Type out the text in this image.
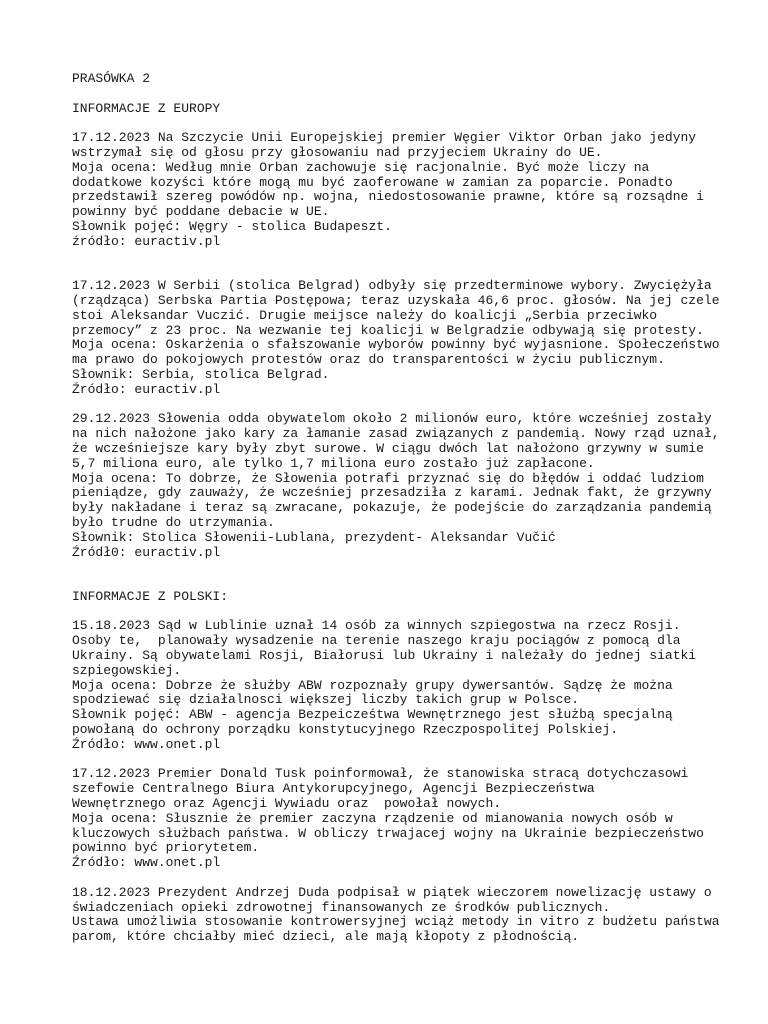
PRASÓWKA 2
INFORMACJE Z EUROPY
17.12.2023 Na Szczycie Unii Europejskiej premier Węgier Viktor Orban jako jedyny
wstrzymał się od głosu przy głosowaniu nad przyjeciem Ukrainy do UE.
Moja ocena: Według mnie Orban zachowuje się racjonalnie. Być może liczy na
dodatkowe kozyści które mogą mu być zaoferowane w zamian za poparcie. Ponadto
przedstawił szereg powódów np. wojna, niedostosowanie prawne, które są rozsądne i
powinny być poddane debacie w UE.
Słownik pojęć: Węgry - stolica Budapeszt.
źródło: euractiv.pl
17.12.2023 W Serbii (stolica Belgrad) odbyły się przedterminowe wybory. Zwyciężyła
(rządząca) Serbska Partia Postępowa; teraz uzyskała 46,6 proc. głosów. Na jej czele
stoi Aleksandar Vuczić. Drugie meijsce należy do koalicji „Serbia przeciwko
przemocy” z 23 proc. Na wezwanie tej koalicji w Belgradzie odbywają się protesty.
Moja ocena: Oskarżenia o sfałszowanie wyborów powinny być wyjasnione. Społeczeństwo
ma prawo do pokojowych protestów oraz do transparentości w życiu publicznym.
Słownik: Serbia, stolica Belgrad.
Źródło: euractiv.pl
29.12.2023 Słowenia odda obywatelom około 2 milionów euro, które wcześniej zostały
na nich nałożone jako kary za łamanie zasad związanych z pandemią. Nowy rząd uznał,
że wcześniejsze kary były zbyt surowe. W ciągu dwóch lat nałożono grzywny w sumie
5,7 miliona euro, ale tylko 1,7 miliona euro zostało już zapłacone.
Moja ocena: To dobrze, że Słowenia potrafi przyznać się do błędów i oddać ludziom
pieniądze, gdy zauważy, że wcześniej przesadziła z karami. Jednak fakt, że grzywny
były nakładane i teraz są zwracane, pokazuje, że podejście do zarządzania pandemią
było trudne do utrzymania.
Słownik: Stolica Słowenii-Lublana, prezydent- Aleksandar Vučić
Źródł0: euractiv.pl
INFORMACJE Z POLSKI:
15.18.2023 Sąd w Lublinie uznał 14 osób za winnych szpiegostwa na rzecz Rosji.
Osoby te,  planowały wysadzenie na terenie naszego kraju pociągów z pomocą dla
Ukrainy. Są obywatelami Rosji, Białorusi lub Ukrainy i należały do jednej siatki
szpiegowskiej.
Moja ocena: Dobrze że służby ABW rozpoznały grupy dywersantów. Sądzę że można
spodziewać się działalnosci większej liczby takich grup w Polsce.
Słownik pojęć: ABW - agencja Bezpeicześtwa Wewnętrznego jest służbą specjalną
powołaną do ochrony porządku konstytucyjnego Rzeczpospolitej Polskiej.
Źródło: www.onet.pl
17.12.2023 Premier Donald Tusk poinformował, że stanowiska stracą dotychczasowi
szefowie Centralnego Biura Antykorupcyjnego, Agencji Bezpieczeństwa
Wewnętrznego oraz Agencji Wywiadu oraz  powołał nowych.
Moja ocena: Słusznie że premier zaczyna rządzenie od mianowania nowych osób w
kluczowych służbach państwa. W obliczy trwajacej wojny na Ukrainie bezpieczeństwo
powinno być priorytetem.
Źródło: www.onet.pl
18.12.2023 Prezydent Andrzej Duda podpisał w piątek wieczorem nowelizację ustawy o
świadczeniach opieki zdrowotnej finansowanych ze środków publicznych.
Ustawa umożliwia stosowanie kontrowersyjnej wciąż metody in vitro z budżetu państwa
parom, które chciałby mieć dzieci, ale mają kłopoty z płodnością.
